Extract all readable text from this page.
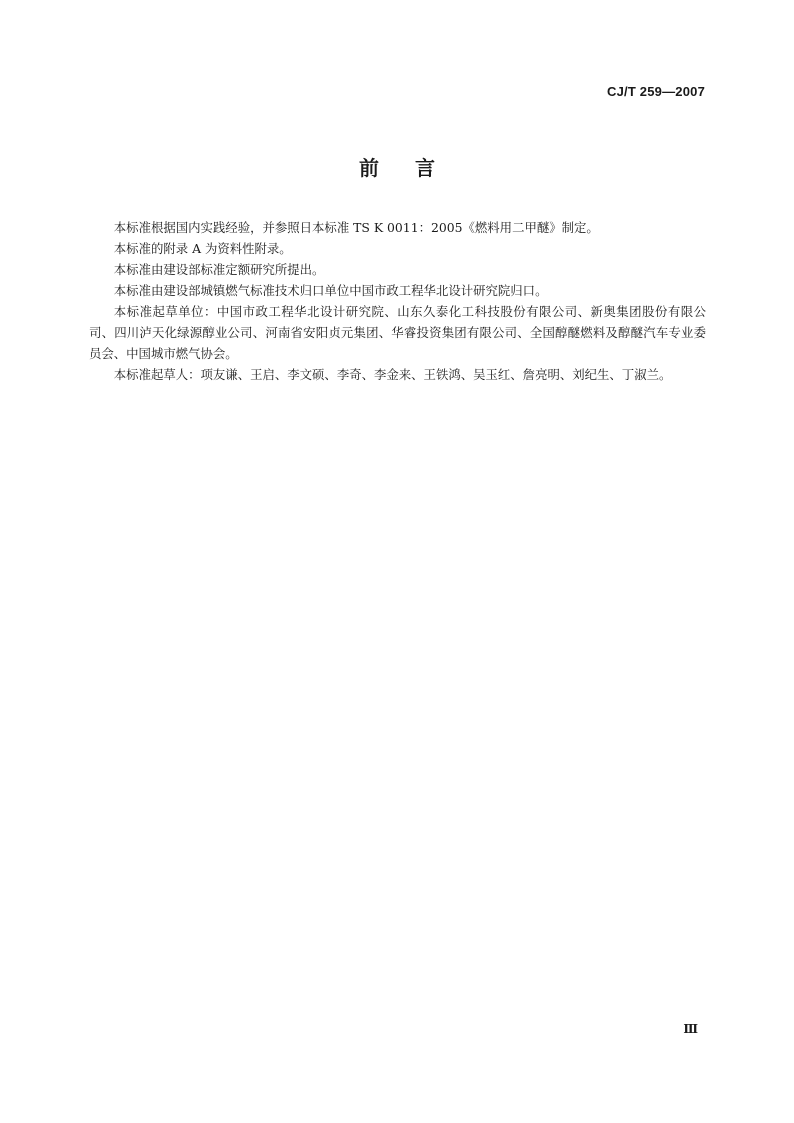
CJ/T 259—2007
前言

本标准根据国内实践经验，并参照日本标准 TS K 0011：2005《燃料用二甲醚》制定。

本标准的附录 A 为资料性附录。

本标准由建设部标准定额研究所提出。

本标准由建设部城镇燃气标准技术归口单位中国市政工程华北设计研究院归口。

本标准起草单位：中国市政工程华北设计研究院、山东久泰化工科技股份有限公司、新奥集团股份有限公司、四川泸天化绿源醇业公司、河南省安阳贞元集团、华睿投资集团有限公司、全国醇醚燃料及醇醚汽车专业委员会、中国城市燃气协会。

本标准起草人：项友谦、王启、李文硕、李奇、李金来、王铁鸿、吴玉红、詹亮明、刘纪生、丁淑兰。

Ⅲ
